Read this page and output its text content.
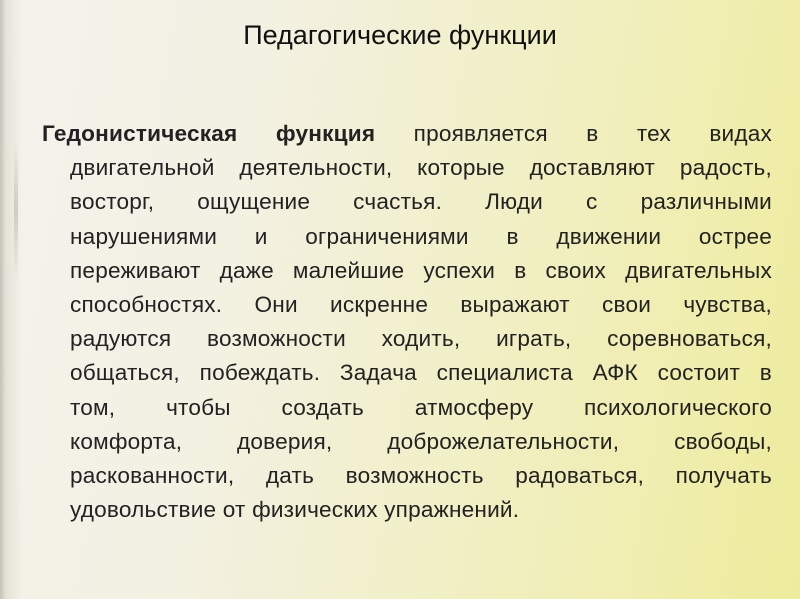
Педагогические функции
Гедонистическая функция проявляется в тех видах
двигательной деятельности, которые доставляют радость,
восторг, ощущение счастья. Люди с различными
нарушениями и ограничениями в движении острее
переживают даже малейшие успехи в своих двигательных
способностях. Они искренне выражают свои чувства,
радуются возможности ходить, играть, соревноваться,
общаться, побеждать. Задача специалиста АФК состоит в
том, чтобы создать атмосферу психологического
комфорта, доверия, доброжелательности, свободы,
раскованности, дать возможность радоваться, получать
удовольствие от физических упражнений.
